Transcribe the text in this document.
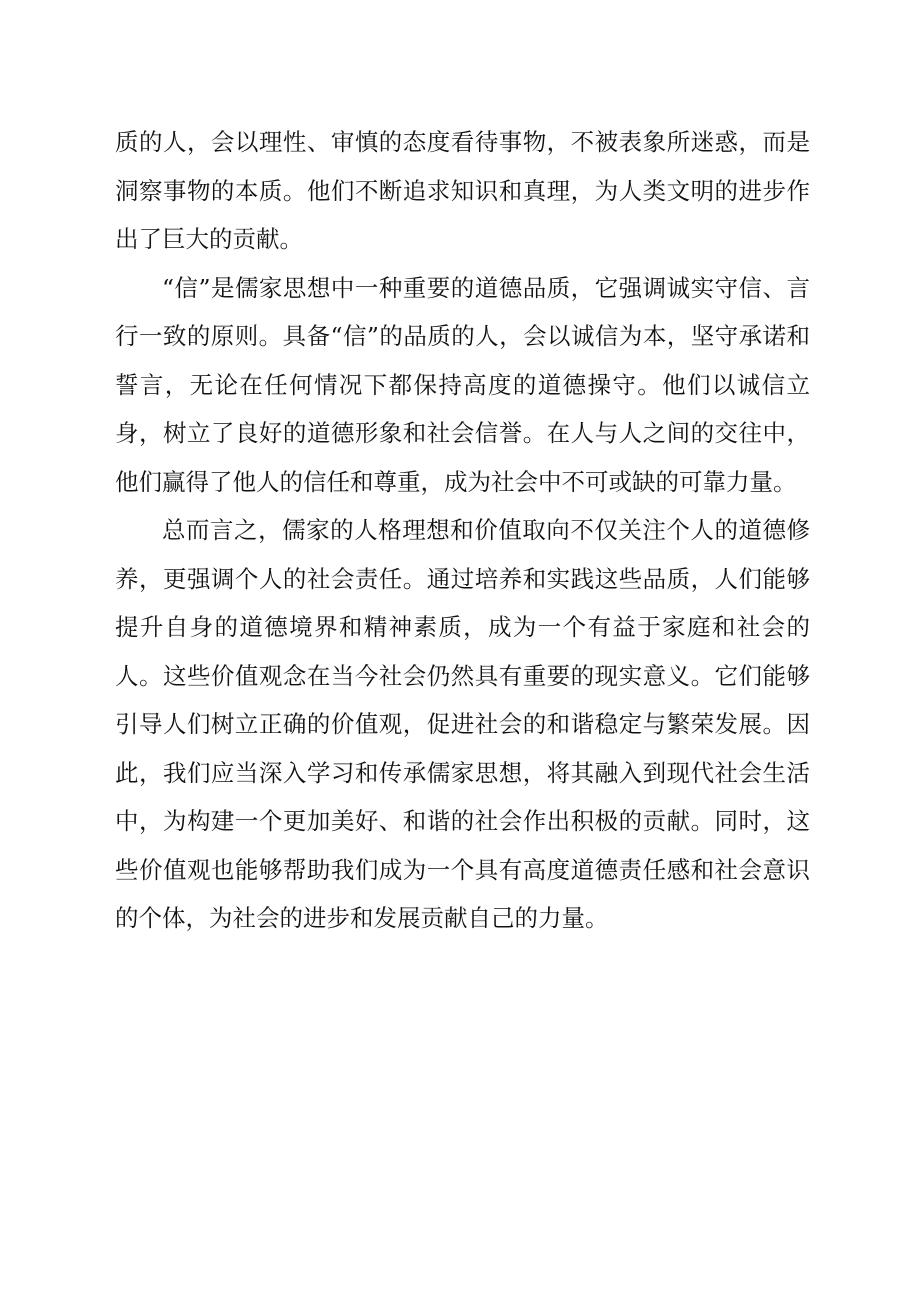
质的人，会以理性、审慎的态度看待事物，不被表象所迷惑，而是洞察事物的本质。他们不断追求知识和真理，为人类文明的进步作出了巨大的贡献。

“信”是儒家思想中一种重要的道德品质，它强调诚实守信、言行一致的原则。具备“信”的品质的人，会以诚信为本，坚守承诺和誓言，无论在任何情况下都保持高度的道德操守。他们以诚信立身，树立了良好的道德形象和社会信誉。在人与人之间的交往中，他们赢得了他人的信任和尊重，成为社会中不可或缺的可靠力量。

总而言之，儒家的人格理想和价值取向不仅关注个人的道德修养，更强调个人的社会责任。通过培养和实践这些品质，人们能够提升自身的道德境界和精神素质，成为一个有益于家庭和社会的人。这些价值观念在当今社会仍然具有重要的现实意义。它们能够引导人们树立正确的价值观，促进社会的和谐稳定与繁荣发展。因此，我们应当深入学习和传承儒家思想，将其融入到现代社会生活中，为构建一个更加美好、和谐的社会作出积极的贡献。同时，这些价值观也能够帮助我们成为一个具有高度道德责任感和社会意识的个体，为社会的进步和发展贡献自己的力量。
